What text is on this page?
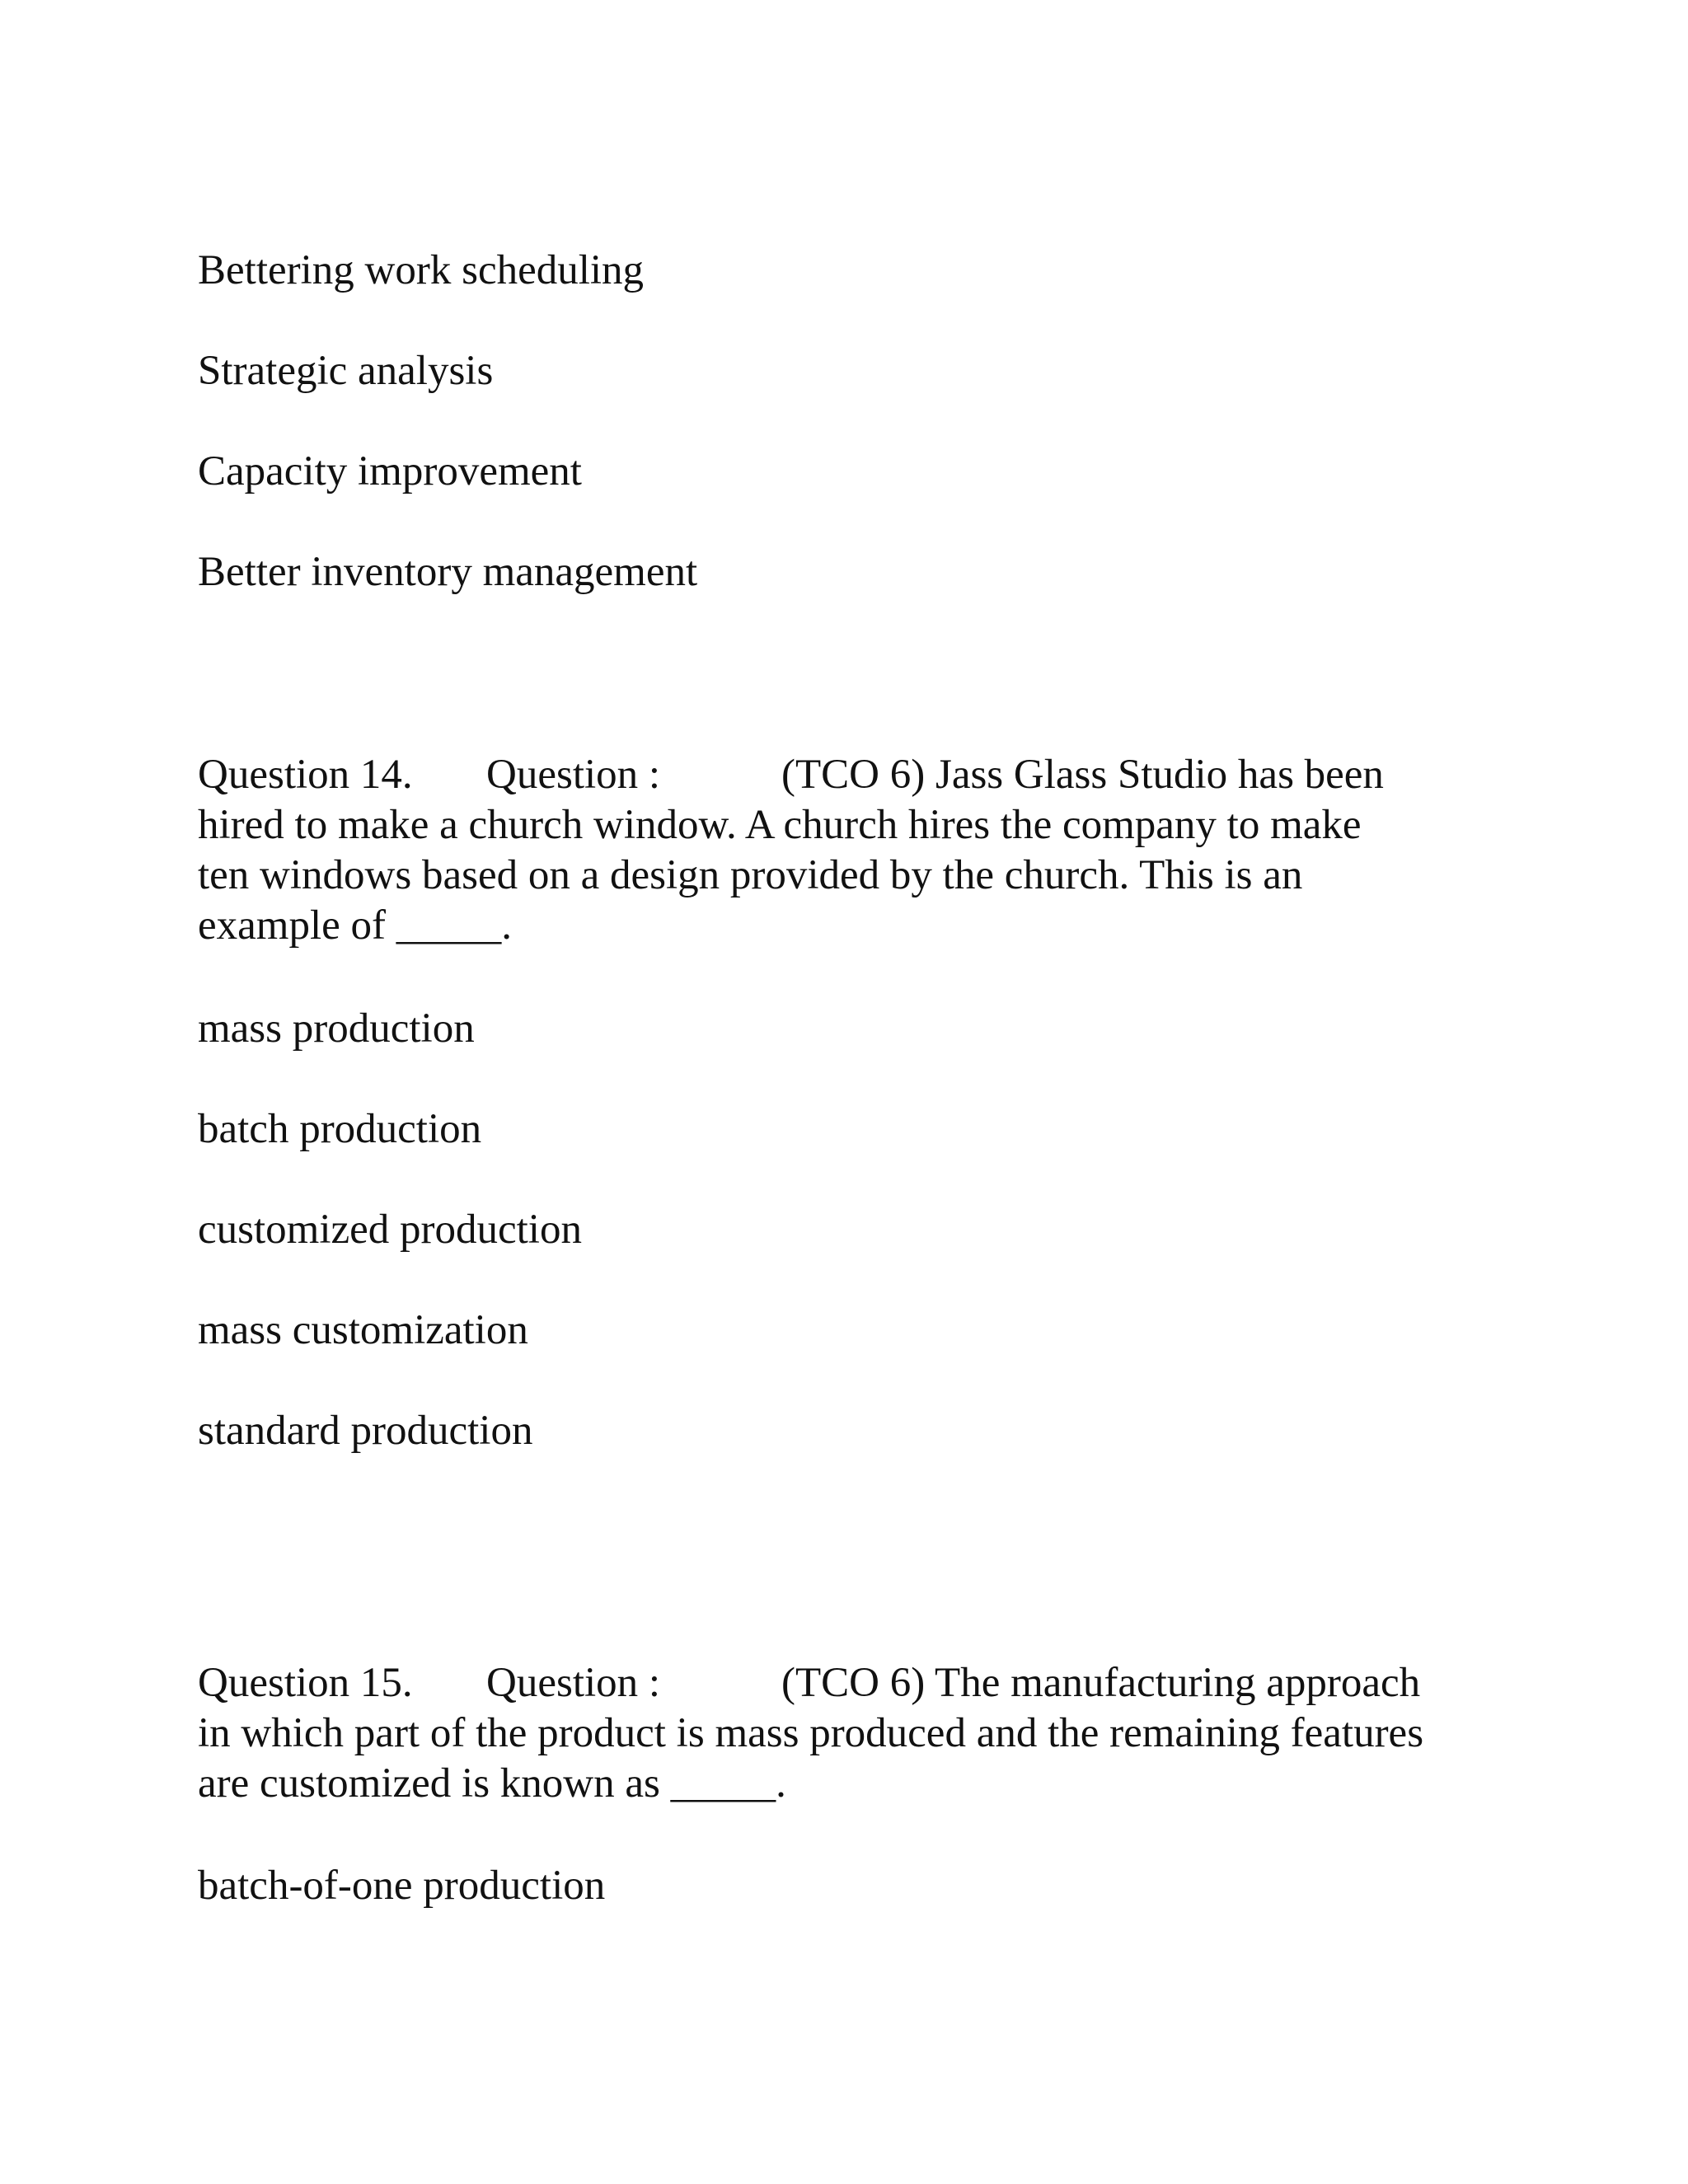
Bettering work scheduling

Strategic analysis

Capacity improvement

Better inventory management

Question 14. Question :	(TCO 6) Jass Glass Studio has been
hired to make a church window. A church hires the company to make
ten windows based on a design provided by the church. This is an
example of _____.

mass production

batch production

customized production

mass customization

standard production

Question 15. Question :	(TCO 6) The manufacturing approach
in which part of the product is mass produced and the remaining features
are customized is known as _____.

batch-of-one production
